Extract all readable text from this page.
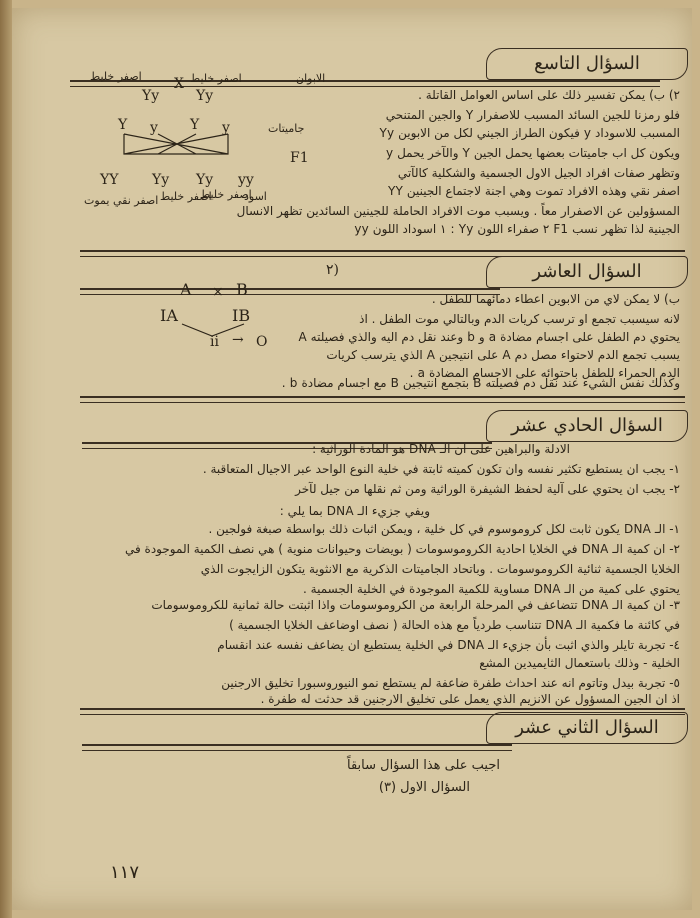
السؤال التاسع
اصفر خليط	اصفر خليط	الابوان
Yy
X
Yy
Y y Y y	جاميتات
F1
YY Yy Yy yy
اصفر نقي يموت اصفر خليط
اصفر خليط
اسود
٢) ب) يمكن تفسير ذلك على اساس العوامل القاتلة .
فلو رمزنا للجين السائد المسبب للاصفرار Y والجين المتنحي
المسبب للاسوداد y فيكون الطراز الجيني لكل من الابوين Yy
ويكون كل اب جاميتات بعضها يحمل الجين Y والآخر يحمل y
وتظهر صفات افراد الجيل الاول الجسمية والشكلية كالآتي
اصفر نقي وهذه الافراد تموت وهي اجنة لاجتماع الجينين YY
المسؤولين عن الاصفرار معاً . ويسبب موت الافراد الحاملة للجينين السائدين تظهر الانسال
الجينية لذا تظهر نسب F1 ٢ صفراء اللون Yy : ١ اسوداد اللون yy
السؤال العاشر
٢)
A × B
IA	IB
ii → O
ب) لا يمكن لاي من الابوين اعطاء دمائهما للطفل .
لانه سيسبب تجمع او ترسب كريات الدم وبالتالي موت الطفل . اذ
يحتوي دم الطفل على اجسام مضادة a و b وعند نقل دم اليه والذي فصيلته A
يسبب تجمع الدم لاحتواء مصل دم A على انتيجين A الذي يترسب كريات
الدم الحمراء للطفل باحتوائه على الاجسام المضادة a .
وكذلك نفس الشيء عند نقل دم فصيلته B بتجمع انتيجين B مع اجسام مضادة b .
السؤال الحادي عشر
الادلة والبراهين على ان الـ DNA هو المادة الوراثية :
١- يجب ان يستطيع تكثير نفسه وان تكون كميته ثابتة في خلية النوع الواحد عبر الاجيال المتعاقبة .
٢- يجب ان يحتوي على آلية لحفظ الشيفرة الوراثية ومن ثم نقلها من جيل لآخر
ويفي جزيء الـ DNA بما يلي :
١- الـ DNA يكون ثابت لكل كروموسوم في كل خلية ، ويمكن اثبات ذلك بواسطة صبغة فولجين .
٢- ان كمية الـ DNA في الخلايا احادية الكروموسومات ( بويضات وحيوانات منوية ) هي نصف الكمية الموجودة في
الخلايا الجسمية ثنائية الكروموسومات . وباتحاد الجاميتات الذكرية مع الانثوية يتكون الزايجوت الذي
يحتوي على كمية من الـ DNA مساوية للكمية الموجودة في الخلية الجسمية .
٣- ان كمية الـ DNA تتضاعف في المرحلة الرابعة من الكروموسومات واذا اثبتت حالة ثمانية للكروموسومات
في كائنة ما فكمية الـ DNA تتناسب طردياً مع هذه الحالة ( نصف اوضاعف الخلايا الجسمية )
٤- تجربة تايلر والذي اثبت بأن جزيء الـ DNA في الخلية يستطيع ان يضاعف نفسه عند انقسام
الخلية - وذلك باستعمال الثايميدين المشع
٥- تجربة بيدل وتاتوم انه عند احداث طفرة ضاعفة لم يستطع نمو النيوروسبورا تخليق الارجنين
اذ ان الجين المسؤول عن الانزيم الذي يعمل على تخليق الارجنين قد حدثت له طفرة .
السؤال الثاني عشر
اجيب على هذا السؤال سابقاً
السؤال الاول (٣)
١١٧
